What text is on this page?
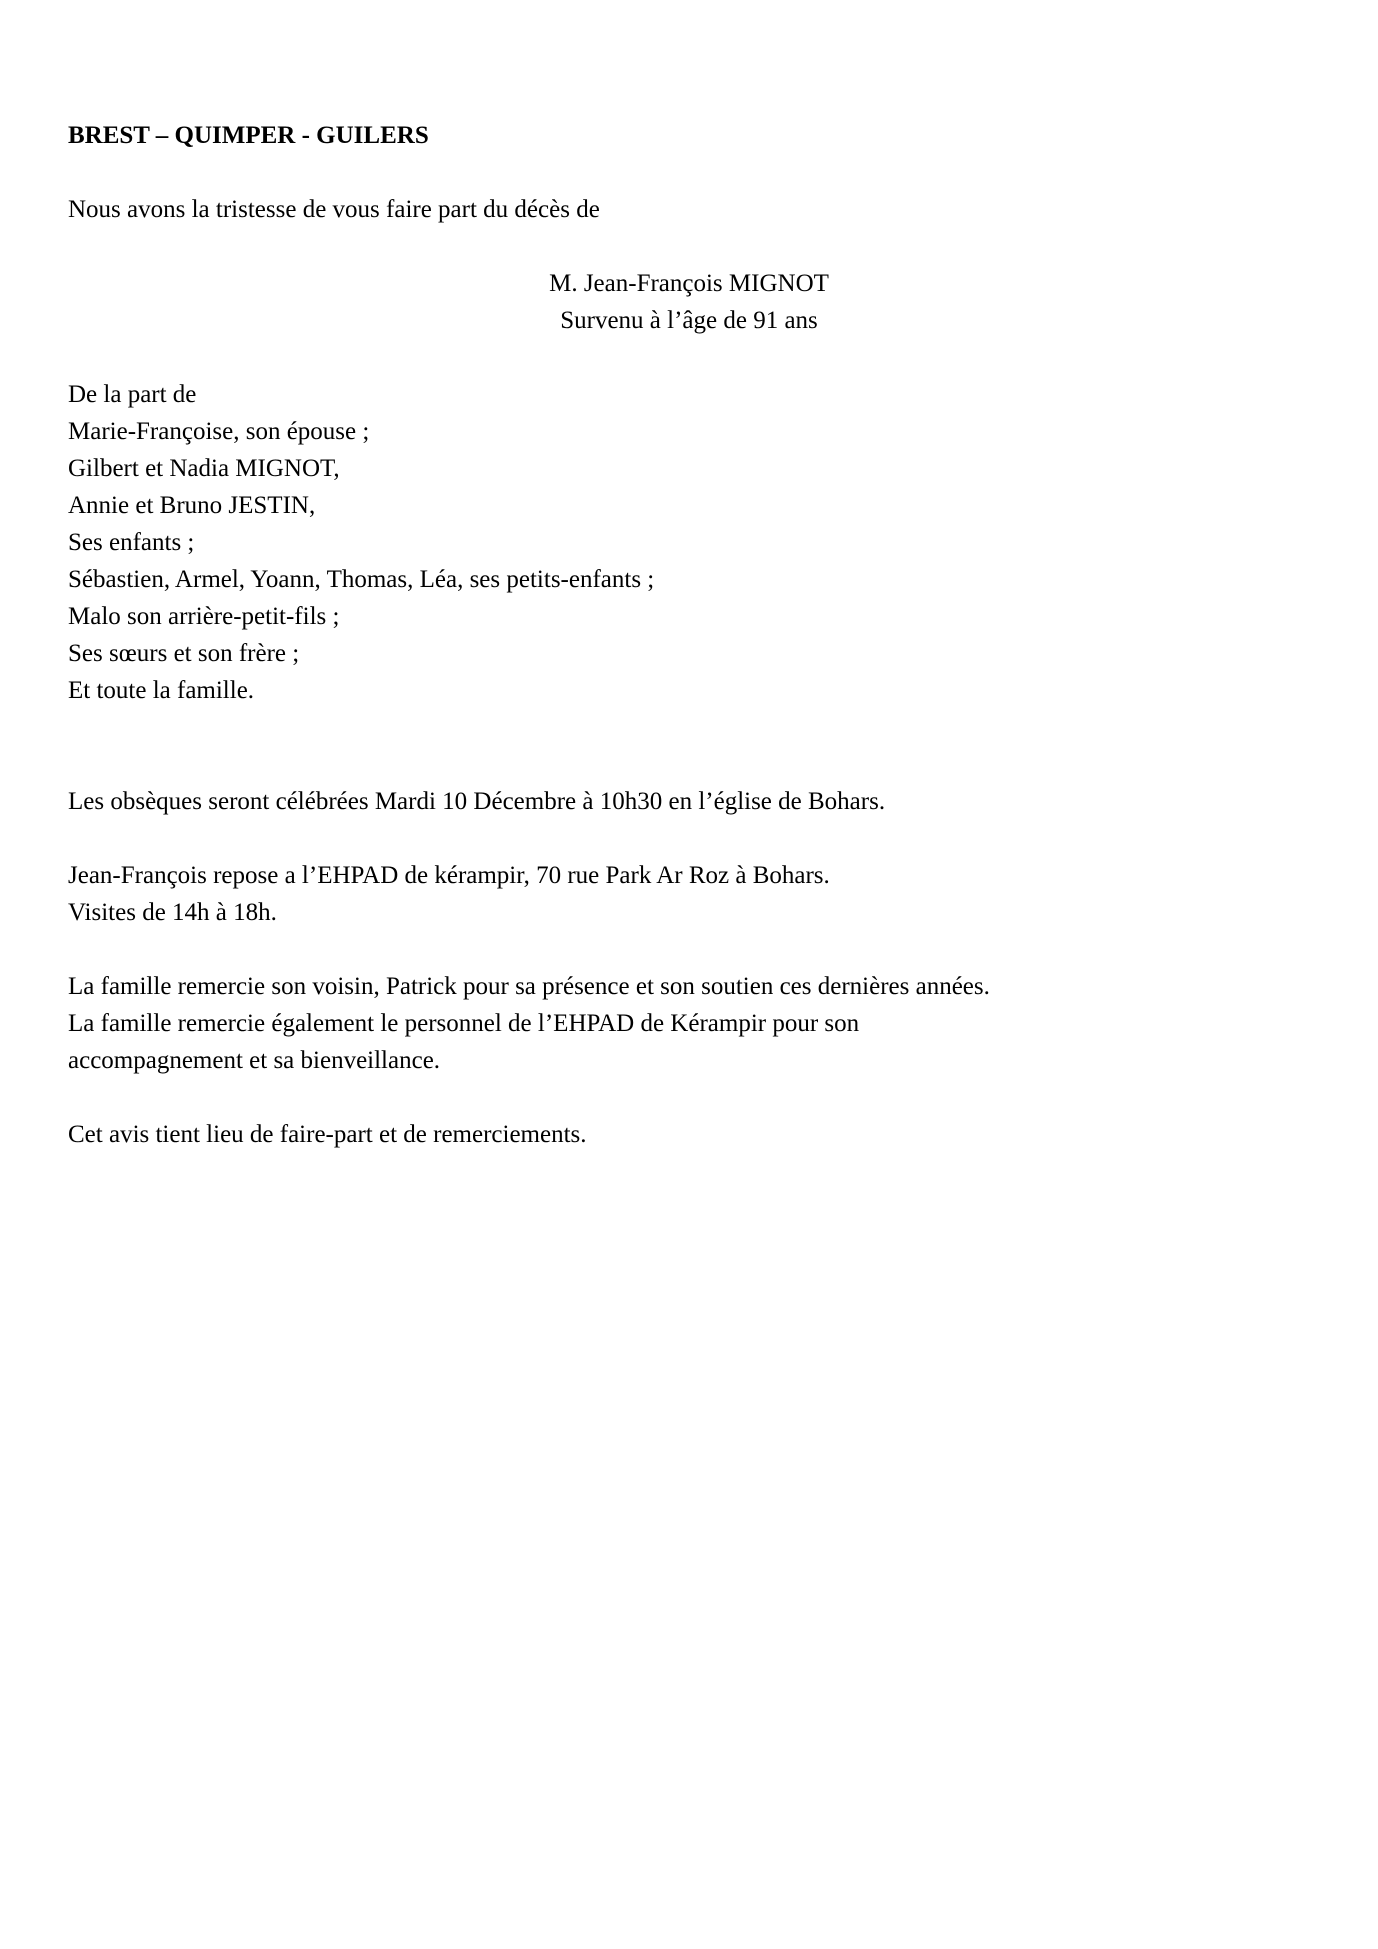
BREST – QUIMPER - GUILERS
Nous avons la tristesse de vous faire part du décès de
M. Jean-François MIGNOT
Survenu à l’âge de 91 ans
De la part de
Marie-Françoise, son épouse ;
Gilbert et Nadia MIGNOT,
Annie et Bruno JESTIN,
Ses enfants ;
Sébastien, Armel, Yoann, Thomas, Léa, ses petits-enfants ;
Malo son arrière-petit-fils ;
Ses sœurs et son frère ;
Et toute la famille.
Les obsèques seront célébrées Mardi 10 Décembre à 10h30 en l’église de Bohars.
Jean-François repose a l’EHPAD de kérampir, 70 rue Park Ar Roz à Bohars.
Visites de 14h à 18h.
La famille remercie son voisin, Patrick pour sa présence et son soutien ces dernières années.
La famille remercie également le personnel de l’EHPAD de Kérampir pour son
accompagnement et sa bienveillance.
Cet avis tient lieu de faire-part et de remerciements.
